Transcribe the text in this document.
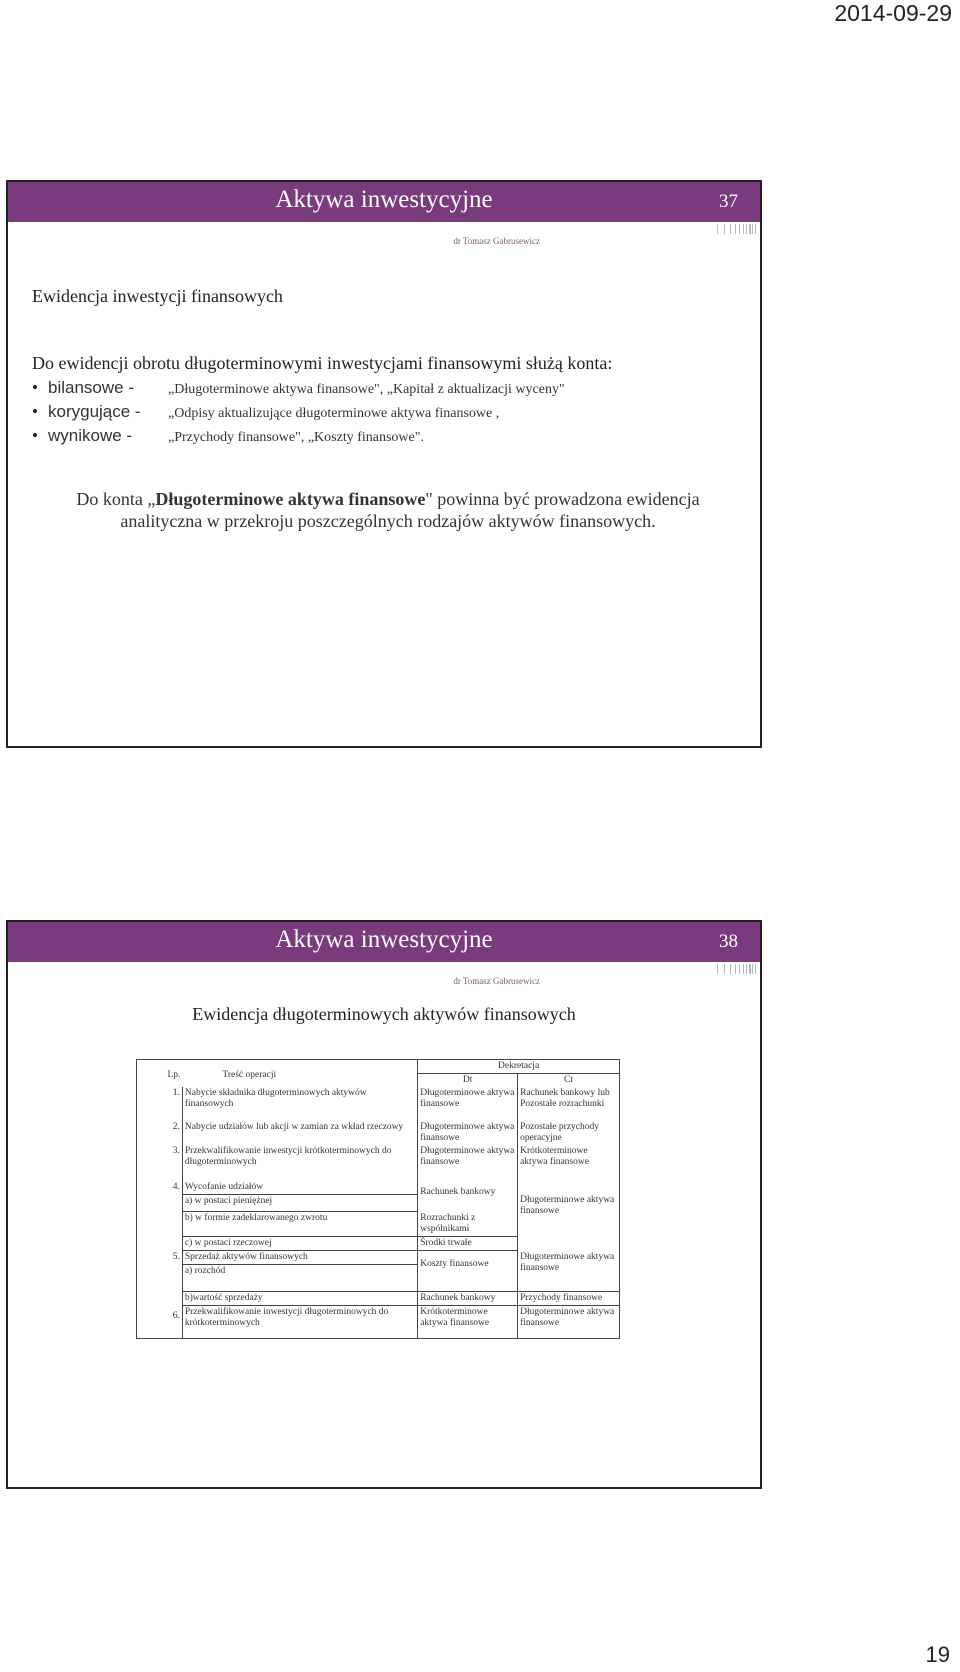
2014-09-29
Aktywa inwestycyjne	37
dr Tomasz Gabrusewicz
Ewidencja inwestycji finansowych
Do ewidencji obrotu długoterminowymi inwestycjami finansowymi służą konta:
• bilansowe - „Długoterminowe aktywa finansowe", „Kapitał z aktualizacji wyceny"
• korygujące - „Odpisy aktualizujące długoterminowe aktywa finansowe ,
• wynikowe -	„Przychody finansowe", „Koszty finansowe".
Do konta „Długoterminowe aktywa finansowe" powinna być prowadzona ewidencja analityczna w przekroju poszczególnych rodzajów aktywów finansowych.
Aktywa inwestycyjne	38
dr Tomasz Gabrusewicz
Ewidencja długoterminowych aktywów finansowych
Lp.	Treść operacji	Dekretacja	
		Dt	Ct
1.	Nabycie składnika długoterminowych aktywów finansowych	Długoterminowe aktywa finansowe	Rachunek bankowy lub Pozostałe rozrachunki
2.	Nabycie udziałów lub akcji w zamian za wkład rzeczowy	Długoterminowe aktywa finansowe	Pozostałe przychody operacyjne
3.	Przekwalifikowanie inwestycji krótkoterminowych do długoterminowych	Długoterminowe aktywa finansowe	Krótkoterminowe aktywa finansowe
4.	Wycofanie udziałów	Rachunek bankowy	Długoterminowe aktywa finansowe
	a) w postaci pieniężnej		
	b) w formie zadeklarowanego zwrotu	Rozrachunki z wspólnikami	
	c) w postaci rzeczowej	Środki trwałe	
5.	Sprzedaż aktywów finansowych	Koszty finansowe	Długoterminowe aktywa finansowe
	a) rozchód		
	b)wartość sprzedaży	Rachunek bankowy	Przychody finansowe
6.	Przekwalifikowanie inwestycji długoterminowych do krótkoterminowych	Krótkoterminowe aktywa finansowe	Długoterminowe aktywa finansowe
19
